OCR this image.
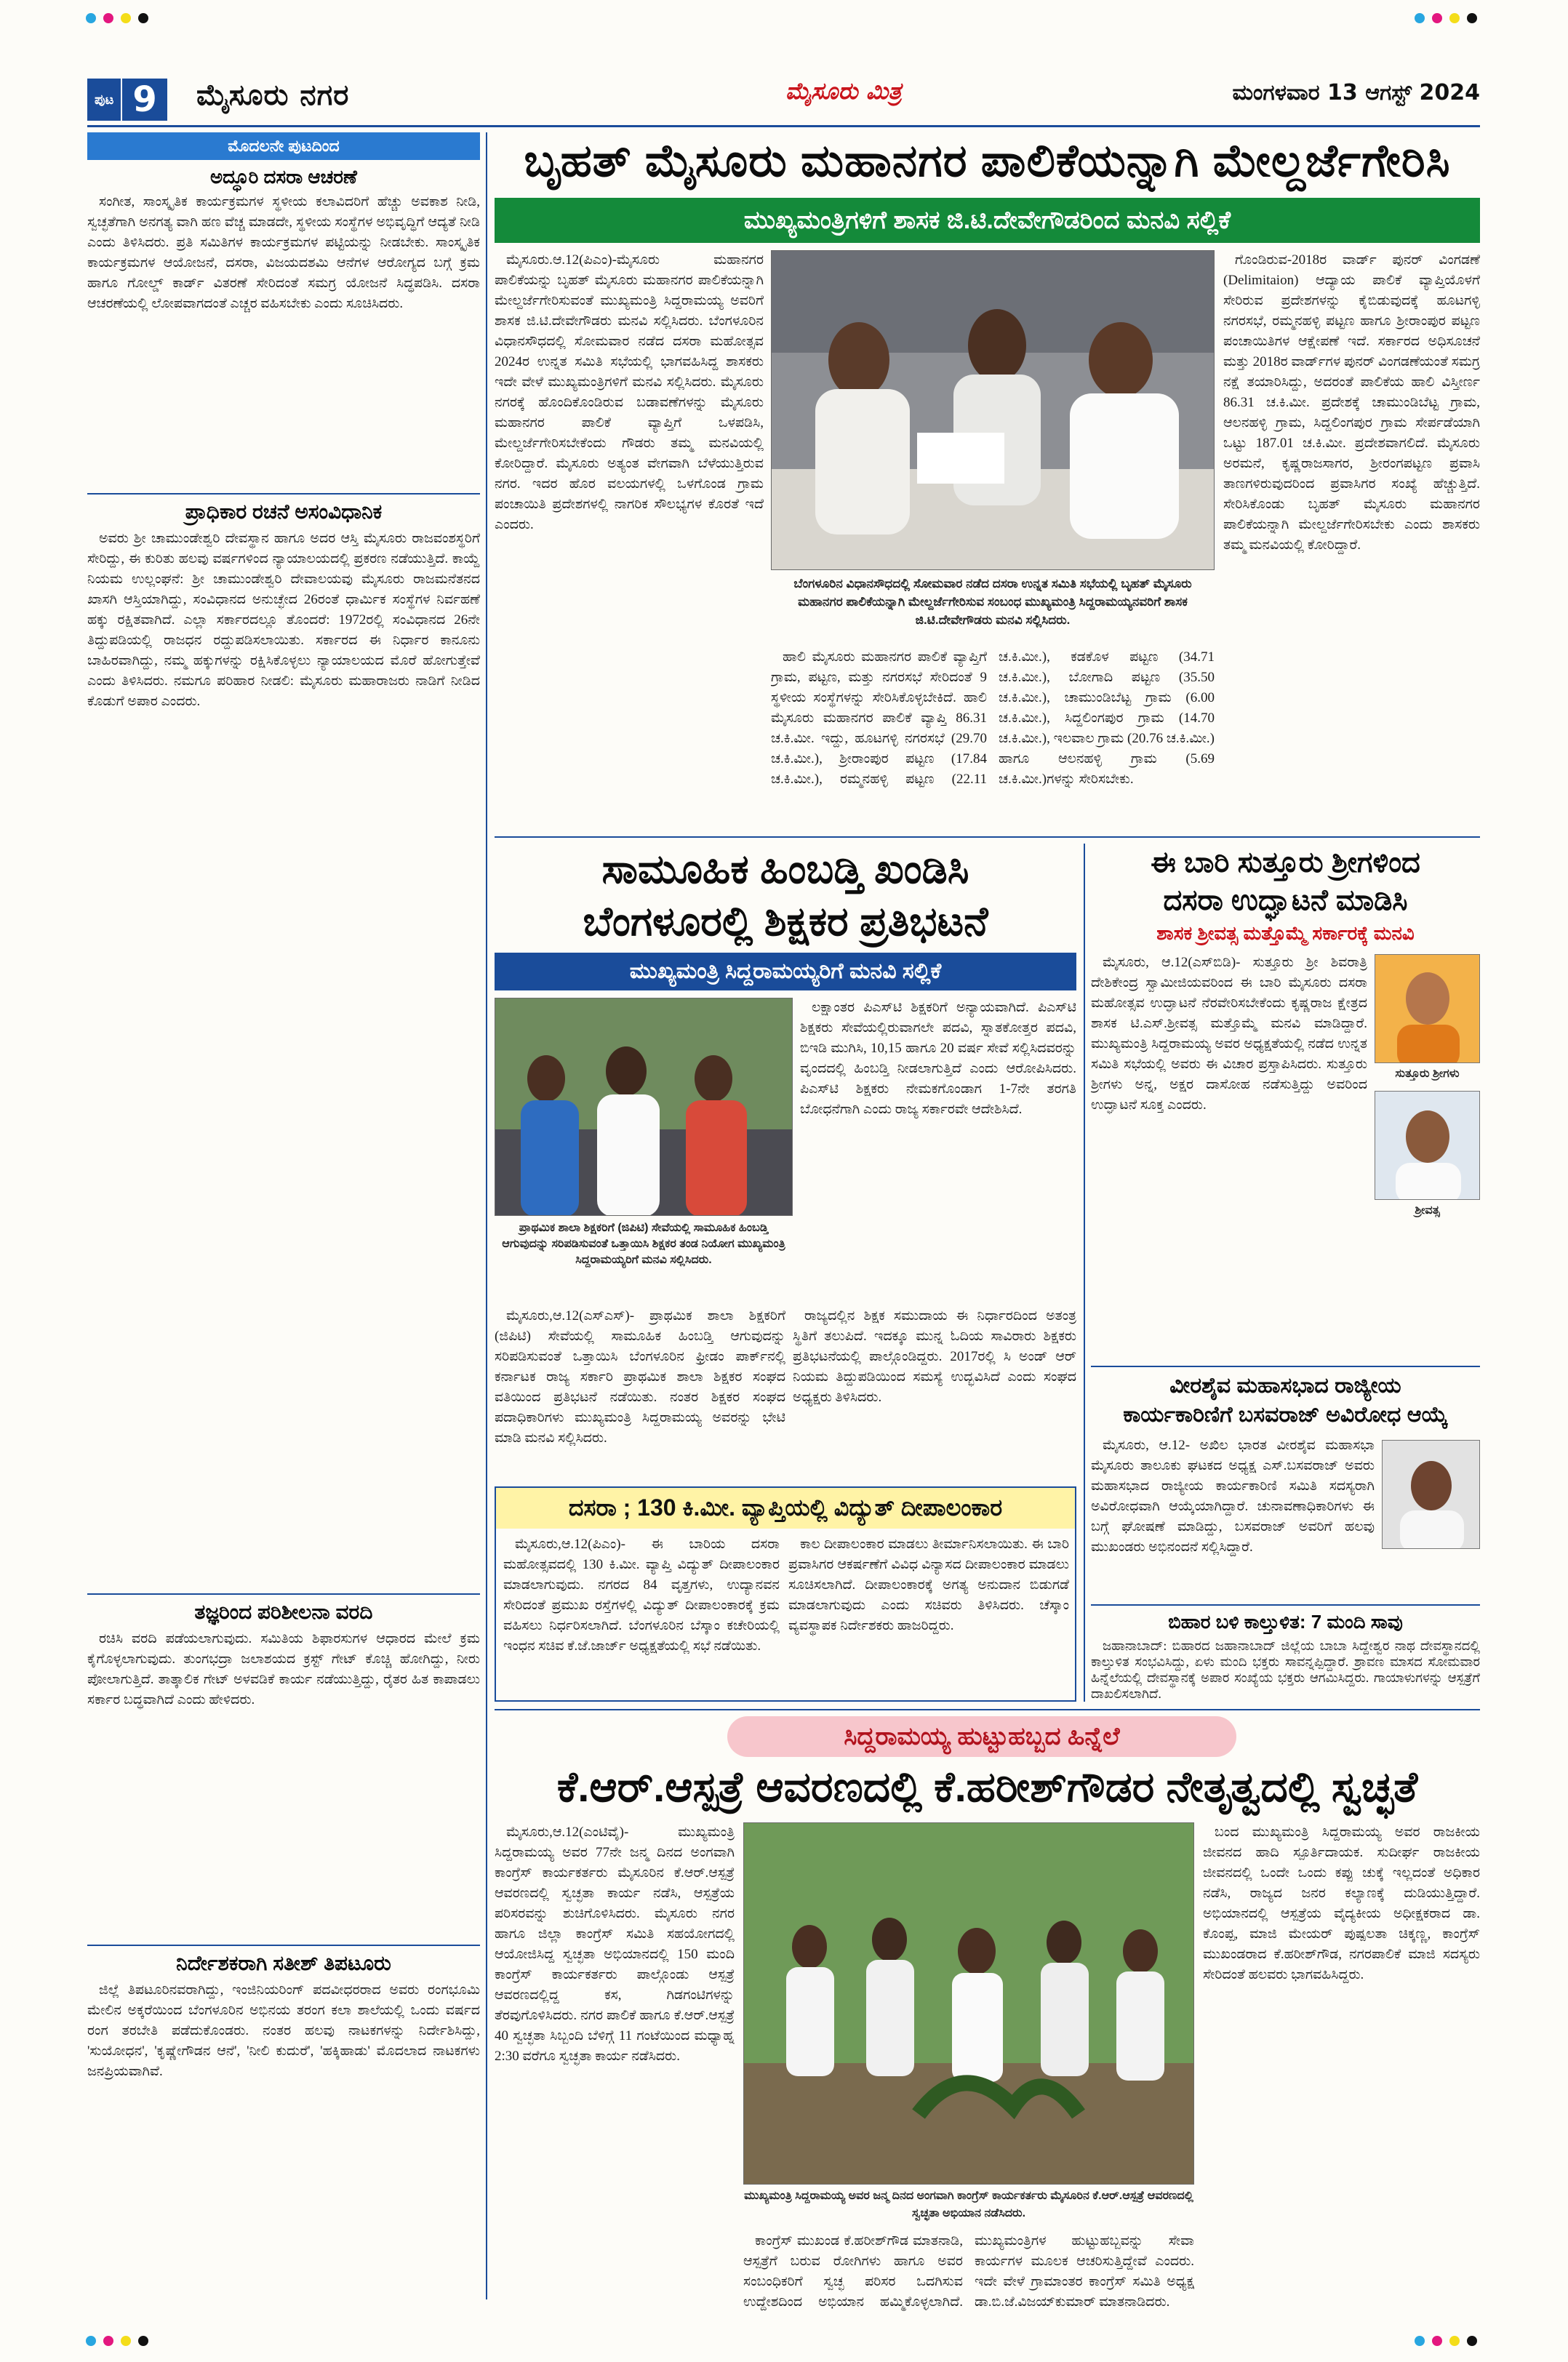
ಪುಟ 9	ಮೈಸೂರು ನಗರ	ಮೈಸೂರು ಮಿತ್ರ	ಮಂಗಳವಾರ 13 ಆಗಸ್ಟ್ 2024
ಮೊದಲನೇ ಪುಟದಿಂದ
ಅದ್ಧೂರಿ ದಸರಾ ಆಚರಣೆ

ಸಂಗೀತ, ಸಾಂಸ್ಕೃತಿಕ ಕಾರ್ಯಕ್ರಮಗಳ ಸ್ಥಳೀಯ ಕಲಾವಿದರಿಗೆ ಹೆಚ್ಚು ಅವಕಾಶ ನೀಡಿ, ಸ್ವಚ್ಛತೆಗಾಗಿ ಅನಗತ್ಯ ವಾಗಿ ಹಣ ವೆಚ್ಚ ಮಾಡದೇ, ಸ್ಥಳೀಯ ಸಂಸ್ಥೆಗಳ ಅಭಿವೃದ್ಧಿಗೆ ಆದ್ಯತೆ ನೀಡಿ ಎಂದು ತಿಳಿಸಿದರು. ಪ್ರತಿ ಸಮಿತಿಗಳ ಕಾರ್ಯಕ್ರಮಗಳ ಪಟ್ಟಿಯನ್ನು ನೀಡಬೇಕು. ಸಾಂಸ್ಕೃತಿಕ ಕಾರ್ಯಕ್ರಮಗಳ ಆಯೋಜನೆ, ದಸರಾ, ವಿಜಯದಶಮಿ ಆನೆಗಳ ಆರೋಗ್ಯದ ಬಗ್ಗೆ ಕ್ರಮ ಹಾಗೂ ಗೋಲ್ಡ್ ಕಾರ್ಡ್ ವಿತರಣೆ ಸೇರಿದಂತೆ ಸಮಗ್ರ ಯೋಜನೆ ಸಿದ್ಧಪಡಿಸಿ. ದಸರಾ ಆಚರಣೆಯಲ್ಲಿ ಲೋಪವಾಗದಂತೆ ಎಚ್ಚರ ವಹಿಸಬೇಕು ಎಂದು ಸೂಚಿಸಿದರು.

ಪ್ರಾಧಿಕಾರ ರಚನೆ ಅಸಂವಿಧಾನಿಕ

ಅವರು ಶ್ರೀ ಚಾಮುಂಡೇಶ್ವರಿ ದೇವಸ್ಥಾನ ಹಾಗೂ ಅದರ ಆಸ್ತಿ ಮೈಸೂರು ರಾಜವಂಶಸ್ಥರಿಗೆ ಸೇರಿದ್ದು, ಈ ಕುರಿತು ಹಲವು ವರ್ಷಗಳಿಂದ ನ್ಯಾಯಾಲಯದಲ್ಲಿ ಪ್ರಕರಣ ನಡೆಯುತ್ತಿದೆ. ಕಾಯ್ದೆ ನಿಯಮ ಉಲ್ಲಂಘನೆ: ಶ್ರೀ ಚಾಮುಂಡೇಶ್ವರಿ ದೇವಾಲಯವು ಮೈಸೂರು ರಾಜಮನೆತನದ ಖಾಸಗಿ ಆಸ್ತಿಯಾಗಿದ್ದು, ಸಂವಿಧಾನದ ಅನುಚ್ಛೇದ 26ರಂತೆ ಧಾರ್ಮಿಕ ಸಂಸ್ಥೆಗಳ ನಿರ್ವಹಣೆ ಹಕ್ಕು ರಕ್ಷಿತವಾಗಿದೆ. ಎಲ್ಲಾ ಸರ್ಕಾರದಲ್ಲೂ ತೊಂದರೆ: 1972ರಲ್ಲಿ ಸಂವಿಧಾನದ 26ನೇ ತಿದ್ದುಪಡಿಯಲ್ಲಿ ರಾಜಧನ ರದ್ದುಪಡಿಸಲಾಯಿತು. ಸರ್ಕಾರದ ಈ ನಿರ್ಧಾರ ಕಾನೂನು ಬಾಹಿರವಾಗಿದ್ದು, ನಮ್ಮ ಹಕ್ಕುಗಳನ್ನು ರಕ್ಷಿಸಿಕೊಳ್ಳಲು ನ್ಯಾಯಾಲಯದ ಮೊರೆ ಹೋಗುತ್ತೇವೆ ಎಂದು ತಿಳಿಸಿದರು. ನಮಗೂ ಪರಿಹಾರ ನೀಡಲಿ: ಮೈಸೂರು ಮಹಾರಾಜರು ನಾಡಿಗೆ ನೀಡಿದ ಕೊಡುಗೆ ಅಪಾರ ಎಂದರು.

ತಜ್ಞರಿಂದ ಪರಿಶೀಲನಾ ವರದಿ

ರಚಿಸಿ ವರದಿ ಪಡೆಯಲಾಗುವುದು. ಸಮಿತಿಯ ಶಿಫಾರಸುಗಳ ಆಧಾರದ ಮೇಲೆ ಕ್ರಮ ಕೈಗೊಳ್ಳಲಾಗುವುದು. ತುಂಗಭದ್ರಾ ಜಲಾಶಯದ ಕ್ರಸ್ಟ್ ಗೇಟ್ ಕೊಚ್ಚಿ ಹೋಗಿದ್ದು, ನೀರು ಪೋಲಾಗುತ್ತಿದೆ. ತಾತ್ಕಾಲಿಕ ಗೇಟ್ ಅಳವಡಿಕೆ ಕಾರ್ಯ ನಡೆಯುತ್ತಿದ್ದು, ರೈತರ ಹಿತ ಕಾಪಾಡಲು ಸರ್ಕಾರ ಬದ್ಧವಾಗಿದೆ ಎಂದು ಹೇಳಿದರು.

ನಿರ್ದೇಶಕರಾಗಿ ಸತೀಶ್ ತಿಪಟೂರು

ಜಿಲ್ಲೆ ತಿಪಟೂರಿನವರಾಗಿದ್ದು, ಇಂಜಿನಿಯರಿಂಗ್ ಪದವೀಧರರಾದ ಅವರು ರಂಗಭೂಮಿ ಮೇಲಿನ ಅಕ್ಕರೆಯಿಂದ ಬೆಂಗಳೂರಿನ ಅಭಿನಯ ತರಂಗ ಕಲಾ ಶಾಲೆಯಲ್ಲಿ ಒಂದು ವರ್ಷದ ರಂಗ ತರಬೇತಿ ಪಡೆದುಕೊಂಡರು. ನಂತರ ಹಲವು ನಾಟಕಗಳನ್ನು ನಿರ್ದೇಶಿಸಿದ್ದು, 'ಸುಯೋಧನ', 'ಕೃಷ್ಣೇಗೌಡನ ಆನೆ', 'ನೀಲಿ ಕುದುರೆ', 'ಹಕ್ಕಿಹಾಡು' ಮೊದಲಾದ ನಾಟಕಗಳು ಜನಪ್ರಿಯವಾಗಿವೆ.

ಬೃಹತ್ ಮೈಸೂರು ಮಹಾನಗರ ಪಾಲಿಕೆಯನ್ನಾಗಿ ಮೇಲ್ದರ್ಜೆಗೇರಿಸಿ
ಮುಖ್ಯಮಂತ್ರಿಗಳಿಗೆ ಶಾಸಕ ಜಿ.ಟಿ.ದೇವೇಗೌಡರಿಂದ ಮನವಿ ಸಲ್ಲಿಕೆ

ಮೈಸೂರು.ಆ.12(ಪಿಎಂ)-ಮೈಸೂರು ಮಹಾನಗರ ಪಾಲಿಕೆಯನ್ನು ಬೃಹತ್ ಮೈಸೂರು ಮಹಾನಗರ ಪಾಲಿಕೆಯನ್ನಾಗಿ ಮೇಲ್ದರ್ಜೆಗೇರಿಸುವಂತೆ ಮುಖ್ಯಮಂತ್ರಿ ಸಿದ್ದರಾಮಯ್ಯ ಅವರಿಗೆ ಶಾಸಕ ಜಿ.ಟಿ.ದೇವೇಗೌಡರು ಮನವಿ ಸಲ್ಲಿಸಿದರು. ಬೆಂಗಳೂರಿನ ವಿಧಾನಸೌಧದಲ್ಲಿ ಸೋಮವಾರ ನಡೆದ ದಸರಾ ಮಹೋತ್ಸವ 2024ರ ಉನ್ನತ ಸಮಿತಿ ಸಭೆಯಲ್ಲಿ ಭಾಗವಹಿಸಿದ್ದ ಶಾಸಕರು ಇದೇ ವೇಳೆ ಮುಖ್ಯಮಂತ್ರಿಗಳಿಗೆ ಮನವಿ ಸಲ್ಲಿಸಿದರು. ಮೈಸೂರು ನಗರಕ್ಕೆ ಹೊಂದಿಕೊಂಡಿರುವ ಬಡಾವಣೆಗಳನ್ನು ಮೈಸೂರು ಮಹಾನಗರ ಪಾಲಿಕೆ ವ್ಯಾಪ್ತಿಗೆ ಒಳಪಡಿಸಿ, ಮೇಲ್ದರ್ಜೆಗೇರಿಸಬೇಕೆಂದು ಗೌಡರು ತಮ್ಮ ಮನವಿಯಲ್ಲಿ ಕೋರಿದ್ದಾರೆ. ಮೈಸೂರು ಅತ್ಯಂತ ವೇಗವಾಗಿ ಬೆಳೆಯುತ್ತಿರುವ ನಗರ. ಇದರ ಹೊರ ವಲಯಗಳಲ್ಲಿ ಒಳಗೊಂಡ ಗ್ರಾಮ ಪಂಚಾಯಿತಿ ಪ್ರದೇಶಗಳಲ್ಲಿ ನಾಗರಿಕ ಸೌಲಭ್ಯಗಳ ಕೊರತೆ ಇದೆ ಎಂದರು.

ಬೆಂಗಳೂರಿನ ವಿಧಾನಸೌಧದಲ್ಲಿ ಸೋಮವಾರ ನಡೆದ ದಸರಾ ಉನ್ನತ ಸಮಿತಿ ಸಭೆಯಲ್ಲಿ ಬೃಹತ್ ಮೈಸೂರು ಮಹಾನಗರ ಪಾಲಿಕೆಯನ್ನಾಗಿ ಮೇಲ್ದರ್ಜೆಗೇರಿಸುವ ಸಂಬಂಧ ಮುಖ್ಯಮಂತ್ರಿ ಸಿದ್ದರಾಮಯ್ಯನವರಿಗೆ ಶಾಸಕ ಜಿ.ಟಿ.ದೇವೇಗೌಡರು ಮನವಿ ಸಲ್ಲಿಸಿದರು.

ಹಾಲಿ ಮೈಸೂರು ಮಹಾನಗರ ಪಾಲಿಕೆ ವ್ಯಾಪ್ತಿಗೆ ಗ್ರಾಮ, ಪಟ್ಟಣ, ಮತ್ತು ನಗರಸಭೆ ಸೇರಿದಂತೆ 9 ಸ್ಥಳೀಯ ಸಂಸ್ಥೆಗಳನ್ನು ಸೇರಿಸಿಕೊಳ್ಳಬೇಕಿದೆ. ಹಾಲಿ ಮೈಸೂರು ಮಹಾನಗರ ಪಾಲಿಕೆ ವ್ಯಾಪ್ತಿ 86.31 ಚ.ಕಿ.ಮೀ. ಇದ್ದು, ಹೂಟಗಳ್ಳಿ ನಗರಸಭೆ (29.70 ಚ.ಕಿ.ಮೀ.), ಶ್ರೀರಾಂಪುರ ಪಟ್ಟಣ (17.84 ಚ.ಕಿ.ಮೀ.), ರಮ್ಮನಹಳ್ಳಿ ಪಟ್ಟಣ (22.11 ಚ.ಕಿ.ಮೀ.), ಕಡಕೊಳ ಪಟ್ಟಣ (34.71 ಚ.ಕಿ.ಮೀ.), ಬೋಗಾದಿ ಪಟ್ಟಣ (35.50 ಚ.ಕಿ.ಮೀ.), ಚಾಮುಂಡಿಬೆಟ್ಟ ಗ್ರಾಮ (6.00 ಚ.ಕಿ.ಮೀ.), ಸಿದ್ದಲಿಂಗಪುರ ಗ್ರಾಮ (14.70 ಚ.ಕಿ.ಮೀ.), ಇಲವಾಲ ಗ್ರಾಮ (20.76 ಚ.ಕಿ.ಮೀ.) ಹಾಗೂ ಆಲನಹಳ್ಳಿ ಗ್ರಾಮ (5.69 ಚ.ಕಿ.ಮೀ.)ಗಳನ್ನು ಸೇರಿಸಬೇಕು.

ಗೊಂಡಿರುವ-2018ರ ವಾರ್ಡ್ ಪುನರ್ ವಿಂಗಡಣೆ (Delimitaion) ಆದ್ಯಾಯ ಪಾಲಿಕೆ ವ್ಯಾಪ್ತಿಯೊಳಗೆ ಸೇರಿರುವ ಪ್ರದೇಶಗಳನ್ನು ಕೈಬಿಡುವುದಕ್ಕೆ ಹೂಟಗಳ್ಳಿ ನಗರಸಭೆ, ರಮ್ಮನಹಳ್ಳಿ ಪಟ್ಟಣ ಹಾಗೂ ಶ್ರೀರಾಂಪುರ ಪಟ್ಟಣ ಪಂಚಾಯಿತಿಗಳ ಆಕ್ಷೇಪಣೆ ಇದೆ. ಸರ್ಕಾರದ ಅಧಿಸೂಚನೆ ಮತ್ತು 2018ರ ವಾರ್ಡ್‌ಗಳ ಪುನರ್ ವಿಂಗಡಣೆಯಂತೆ ಸಮಗ್ರ ನಕ್ಷೆ ತಯಾರಿಸಿದ್ದು, ಅದರಂತೆ ಪಾಲಿಕೆಯ ಹಾಲಿ ವಿಸ್ತೀರ್ಣ 86.31 ಚ.ಕಿ.ಮೀ. ಪ್ರದೇಶಕ್ಕೆ ಚಾಮುಂಡಿಬೆಟ್ಟ ಗ್ರಾಮ, ಆಲನಹಳ್ಳಿ ಗ್ರಾಮ, ಸಿದ್ದಲಿಂಗಪುರ ಗ್ರಾಮ ಸೇರ್ಪಡೆಯಾಗಿ ಒಟ್ಟು 187.01 ಚ.ಕಿ.ಮೀ. ಪ್ರದೇಶವಾಗಲಿದೆ. ಮೈಸೂರು ಅರಮನೆ, ಕೃಷ್ಣರಾಜಸಾಗರ, ಶ್ರೀರಂಗಪಟ್ಟಣ ಪ್ರವಾಸಿ ತಾಣಗಳಿರುವುದರಿಂದ ಪ್ರವಾಸಿಗರ ಸಂಖ್ಯೆ ಹೆಚ್ಚುತ್ತಿದೆ. ಸೇರಿಸಿಕೊಂಡು ಬೃಹತ್ ಮೈಸೂರು ಮಹಾನಗರ ಪಾಲಿಕೆಯನ್ನಾಗಿ ಮೇಲ್ದರ್ಜೆಗೇರಿಸಬೇಕು ಎಂದು ಶಾಸಕರು ತಮ್ಮ ಮನವಿಯಲ್ಲಿ ಕೋರಿದ್ದಾರೆ.

ಸಾಮೂಹಿಕ ಹಿಂಬಡ್ತಿ ಖಂಡಿಸಿ
ಬೆಂಗಳೂರಲ್ಲಿ ಶಿಕ್ಷಕರ ಪ್ರತಿಭಟನೆ
ಮುಖ್ಯಮಂತ್ರಿ ಸಿದ್ದರಾಮಯ್ಯರಿಗೆ ಮನವಿ ಸಲ್ಲಿಕೆ
ಪ್ರಾಥಮಿಕ ಶಾಲಾ ಶಿಕ್ಷಕರಿಗೆ (ಜಿಪಿಟಿ) ಸೇವೆಯಲ್ಲಿ ಸಾಮೂಹಿಕ ಹಿಂಬಡ್ತಿ ಆಗುವುದನ್ನು ಸರಿಪಡಿಸುವಂತೆ ಒತ್ತಾಯಿಸಿ ಶಿಕ್ಷಕರ ತಂಡ ನಿಯೋಗ ಮುಖ್ಯಮಂತ್ರಿ ಸಿದ್ದರಾಮಯ್ಯರಿಗೆ ಮನವಿ ಸಲ್ಲಿಸಿದರು.

ಲಕ್ಷಾಂತರ ಪಿಎಸ್‌ಟಿ ಶಿಕ್ಷಕರಿಗೆ ಅನ್ಯಾಯವಾಗಿದೆ. ಪಿಎಸ್‌ಟಿ ಶಿಕ್ಷಕರು ಸೇವೆಯಲ್ಲಿರುವಾಗಲೇ ಪದವಿ, ಸ್ನಾತಕೋತ್ತರ ಪದವಿ, ಬಿಇಡಿ ಮುಗಿಸಿ, 10,15 ಹಾಗೂ 20 ವರ್ಷ ಸೇವೆ ಸಲ್ಲಿಸಿದವರನ್ನು ವೃಂದದಲ್ಲಿ ಹಿಂಬಡ್ತಿ ನೀಡಲಾಗುತ್ತಿದೆ ಎಂದು ಆರೋಪಿಸಿದರು. ಪಿಎಸ್‌ಟಿ ಶಿಕ್ಷಕರು ನೇಮಕಗೊಂಡಾಗ 1-7ನೇ ತರಗತಿ ಬೋಧನೆಗಾಗಿ ಎಂದು ರಾಜ್ಯ ಸರ್ಕಾರವೇ ಆದೇಶಿಸಿದೆ.

ಮೈಸೂರು,ಆ.12(ಎಸ್‌ಎಸ್)- ಪ್ರಾಥಮಿಕ ಶಾಲಾ ಶಿಕ್ಷಕರಿಗೆ (ಜಿಪಿಟಿ) ಸೇವೆಯಲ್ಲಿ ಸಾಮೂಹಿಕ ಹಿಂಬಡ್ತಿ ಆಗುವುದನ್ನು ಸರಿಪಡಿಸುವಂತೆ ಒತ್ತಾಯಿಸಿ ಬೆಂಗಳೂರಿನ ಫ್ರೀಡಂ ಪಾರ್ಕ್‌ನಲ್ಲಿ ಕರ್ನಾಟಕ ರಾಜ್ಯ ಸರ್ಕಾರಿ ಪ್ರಾಥಮಿಕ ಶಾಲಾ ಶಿಕ್ಷಕರ ಸಂಘದ ವತಿಯಿಂದ ಪ್ರತಿಭಟನೆ ನಡೆಯಿತು. ನಂತರ ಶಿಕ್ಷಕರ ಸಂಘದ ಪದಾಧಿಕಾರಿಗಳು ಮುಖ್ಯಮಂತ್ರಿ ಸಿದ್ದರಾಮಯ್ಯ ಅವರನ್ನು ಭೇಟಿ ಮಾಡಿ ಮನವಿ ಸಲ್ಲಿಸಿದರು.

ರಾಜ್ಯದಲ್ಲಿನ ಶಿಕ್ಷಕ ಸಮುದಾಯ ಈ ನಿರ್ಧಾರದಿಂದ ಅತಂತ್ರ ಸ್ಥಿತಿಗೆ ತಲುಪಿದೆ. ಇದಕ್ಕೂ ಮುನ್ನ ಓದಿಯ ಸಾವಿರಾರು ಶಿಕ್ಷಕರು ಪ್ರತಿಭಟನೆಯಲ್ಲಿ ಪಾಲ್ಗೊಂಡಿದ್ದರು. 2017ರಲ್ಲಿ ಸಿ ಅಂಡ್ ಆರ್ ನಿಯಮ ತಿದ್ದುಪಡಿಯಿಂದ ಸಮಸ್ಯೆ ಉದ್ಭವಿಸಿದೆ ಎಂದು ಸಂಘದ ಅಧ್ಯಕ್ಷರು ತಿಳಿಸಿದರು.

ಈ ಬಾರಿ ಸುತ್ತೂರು ಶ್ರೀಗಳಿಂದ
ದಸರಾ ಉದ್ಘಾಟನೆ ಮಾಡಿಸಿ
ಶಾಸಕ ಶ್ರೀವತ್ಸ ಮತ್ತೊಮ್ಮೆ ಸರ್ಕಾರಕ್ಕೆ ಮನವಿ

ಮೈಸೂರು, ಆ.12(ಎಸ್‌ಬಿಡಿ)- ಸುತ್ತೂರು ಶ್ರೀ ಶಿವರಾತ್ರಿ ದೇಶಿಕೇಂದ್ರ ಸ್ವಾಮೀಜಿಯವರಿಂದ ಈ ಬಾರಿ ಮೈಸೂರು ದಸರಾ ಮಹೋತ್ಸವ ಉದ್ಘಾಟನೆ ನೆರವೇರಿಸಬೇಕೆಂದು ಕೃಷ್ಣರಾಜ ಕ್ಷೇತ್ರದ ಶಾಸಕ ಟಿ.ಎಸ್.ಶ್ರೀವತ್ಸ ಮತ್ತೊಮ್ಮೆ ಮನವಿ ಮಾಡಿದ್ದಾರೆ. ಮುಖ್ಯಮಂತ್ರಿ ಸಿದ್ದರಾಮಯ್ಯ ಅವರ ಅಧ್ಯಕ್ಷತೆಯಲ್ಲಿ ನಡೆದ ಉನ್ನತ ಸಮಿತಿ ಸಭೆಯಲ್ಲಿ ಅವರು ಈ ವಿಚಾರ ಪ್ರಸ್ತಾಪಿಸಿದರು. ಸುತ್ತೂರು ಶ್ರೀಗಳು ಅನ್ನ, ಅಕ್ಷರ ದಾಸೋಹ ನಡೆಸುತ್ತಿದ್ದು ಅವರಿಂದ ಉದ್ಘಾಟನೆ ಸೂಕ್ತ ಎಂದರು.

ಸುತ್ತೂರು ಶ್ರೀಗಳು
ಶ್ರೀವತ್ಸ
ವೀರಶೈವ ಮಹಾಸಭಾದ ರಾಜ್ಯೀಯ
ಕಾರ್ಯಕಾರಿಣಿಗೆ ಬಸವರಾಜ್ ಅವಿರೋಧ ಆಯ್ಕೆ

ಮೈಸೂರು, ಆ.12- ಅಖಿಲ ಭಾರತ ವೀರಶೈವ ಮಹಾಸಭಾ ಮೈಸೂರು ತಾಲೂಕು ಘಟಕದ ಅಧ್ಯಕ್ಷ ಎಸ್.ಬಸವರಾಜ್ ಅವರು ಮಹಾಸಭಾದ ರಾಜ್ಯೀಯ ಕಾರ್ಯಕಾರಿಣಿ ಸಮಿತಿ ಸದಸ್ಯರಾಗಿ ಅವಿರೋಧವಾಗಿ ಆಯ್ಕೆಯಾಗಿದ್ದಾರೆ. ಚುನಾವಣಾಧಿಕಾರಿಗಳು ಈ ಬಗ್ಗೆ ಘೋಷಣೆ ಮಾಡಿದ್ದು, ಬಸವರಾಜ್ ಅವರಿಗೆ ಹಲವು ಮುಖಂಡರು ಅಭಿನಂದನೆ ಸಲ್ಲಿಸಿದ್ದಾರೆ.

ಬಿಹಾರ ಬಳಿ ಕಾಲ್ತುಳಿತ: 7 ಮಂದಿ ಸಾವು

ಜಹಾನಾಬಾದ್: ಬಿಹಾರದ ಜಹಾನಾಬಾದ್ ಜಿಲ್ಲೆಯ ಬಾಬಾ ಸಿದ್ದೇಶ್ವರ ನಾಥ ದೇವಸ್ಥಾನದಲ್ಲಿ ಕಾಲ್ತುಳಿತ ಸಂಭವಿಸಿದ್ದು, ಏಳು ಮಂದಿ ಭಕ್ತರು ಸಾವನ್ನಪ್ಪಿದ್ದಾರೆ. ಶ್ರಾವಣ ಮಾಸದ ಸೋಮವಾರ ಹಿನ್ನೆಲೆಯಲ್ಲಿ ದೇವಸ್ಥಾನಕ್ಕೆ ಅಪಾರ ಸಂಖ್ಯೆಯ ಭಕ್ತರು ಆಗಮಿಸಿದ್ದರು. ಗಾಯಾಳುಗಳನ್ನು ಆಸ್ಪತ್ರೆಗೆ ದಾಖಲಿಸಲಾಗಿದೆ.

ದಸರಾ ; 130 ಕಿ.ಮೀ. ವ್ಯಾಪ್ತಿಯಲ್ಲಿ ವಿದ್ಯುತ್ ದೀಪಾಲಂಕಾರ

ಮೈಸೂರು,ಆ.12(ಪಿಎಂ)- ಈ ಬಾರಿಯ ದಸರಾ ಮಹೋತ್ಸವದಲ್ಲಿ 130 ಕಿ.ಮೀ. ವ್ಯಾಪ್ತಿ ವಿದ್ಯುತ್ ದೀಪಾಲಂಕಾರ ಮಾಡಲಾಗುವುದು. ನಗರದ 84 ವೃತ್ತಗಳು, ಉದ್ಯಾನವನ ಸೇರಿದಂತೆ ಪ್ರಮುಖ ರಸ್ತೆಗಳಲ್ಲಿ ವಿದ್ಯುತ್ ದೀಪಾಲಂಕಾರಕ್ಕೆ ಕ್ರಮ ವಹಿಸಲು ನಿರ್ಧರಿಸಲಾಗಿದೆ. ಬೆಂಗಳೂರಿನ ಬೆಸ್ಕಾಂ ಕಚೇರಿಯಲ್ಲಿ ಇಂಧನ ಸಚಿವ ಕೆ.ಜೆ.ಜಾರ್ಜ್ ಅಧ್ಯಕ್ಷತೆಯಲ್ಲಿ ಸಭೆ ನಡೆಯಿತು.

ಕಾಲ ದೀಪಾಲಂಕಾರ ಮಾಡಲು ತೀರ್ಮಾನಿಸಲಾಯಿತು. ಈ ಬಾರಿ ಪ್ರವಾಸಿಗರ ಆಕರ್ಷಣೆಗೆ ವಿವಿಧ ವಿನ್ಯಾಸದ ದೀಪಾಲಂಕಾರ ಮಾಡಲು ಸೂಚಿಸಲಾಗಿದೆ. ದೀಪಾಲಂಕಾರಕ್ಕೆ ಅಗತ್ಯ ಅನುದಾನ ಬಿಡುಗಡೆ ಮಾಡಲಾಗುವುದು ಎಂದು ಸಚಿವರು ತಿಳಿಸಿದರು. ಚೆಸ್ಕಾಂ ವ್ಯವಸ್ಥಾಪಕ ನಿರ್ದೇಶಕರು ಹಾಜರಿದ್ದರು.

ಸಿದ್ದರಾಮಯ್ಯ ಹುಟ್ಟುಹಬ್ಬದ ಹಿನ್ನೆಲೆ
ಕೆ.ಆರ್.ಆಸ್ಪತ್ರೆ ಆವರಣದಲ್ಲಿ ಕೆ.ಹರೀಶ್‌ಗೌಡರ ನೇತೃತ್ವದಲ್ಲಿ ಸ್ವಚ್ಛತೆ

ಮೈಸೂರು,ಆ.12(ಎಂಟಿವೈ)- ಮುಖ್ಯಮಂತ್ರಿ ಸಿದ್ದರಾಮಯ್ಯ ಅವರ 77ನೇ ಜನ್ಮ ದಿನದ ಅಂಗವಾಗಿ ಕಾಂಗ್ರೆಸ್ ಕಾರ್ಯಕರ್ತರು ಮೈಸೂರಿನ ಕೆ.ಆರ್.ಆಸ್ಪತ್ರೆ ಆವರಣದಲ್ಲಿ ಸ್ವಚ್ಛತಾ ಕಾರ್ಯ ನಡೆಸಿ, ಆಸ್ಪತ್ರೆಯ ಪರಿಸರವನ್ನು ಶುಚಿಗೊಳಿಸಿದರು. ಮೈಸೂರು ನಗರ ಹಾಗೂ ಜಿಲ್ಲಾ ಕಾಂಗ್ರೆಸ್ ಸಮಿತಿ ಸಹಯೋಗದಲ್ಲಿ ಆಯೋಜಿಸಿದ್ದ ಸ್ವಚ್ಛತಾ ಅಭಿಯಾನದಲ್ಲಿ 150 ಮಂದಿ ಕಾಂಗ್ರೆಸ್ ಕಾರ್ಯಕರ್ತರು ಪಾಲ್ಗೊಂಡು ಆಸ್ಪತ್ರೆ ಆವರಣದಲ್ಲಿದ್ದ ಕಸ, ಗಿಡಗಂಟಿಗಳನ್ನು ತೆರವುಗೊಳಿಸಿದರು. ನಗರ ಪಾಲಿಕೆ ಹಾಗೂ ಕೆ.ಆರ್.ಆಸ್ಪತ್ರೆ 40 ಸ್ವಚ್ಛತಾ ಸಿಬ್ಬಂದಿ ಬೆಳಿಗ್ಗೆ 11 ಗಂಟೆಯಿಂದ ಮಧ್ಯಾಹ್ನ 2:30 ವರೆಗೂ ಸ್ವಚ್ಛತಾ ಕಾರ್ಯ ನಡೆಸಿದರು.

ಮುಖ್ಯಮಂತ್ರಿ ಸಿದ್ದರಾಮಯ್ಯ ಅವರ ಜನ್ಮ ದಿನದ ಅಂಗವಾಗಿ ಕಾಂಗ್ರೆಸ್ ಕಾರ್ಯಕರ್ತರು ಮೈಸೂರಿನ ಕೆ.ಆರ್.ಆಸ್ಪತ್ರೆ ಆವರಣದಲ್ಲಿ ಸ್ವಚ್ಛತಾ ಅಭಿಯಾನ ನಡೆಸಿದರು.

ಬಂದ ಮುಖ್ಯಮಂತ್ರಿ ಸಿದ್ದರಾಮಯ್ಯ ಅವರ ರಾಜಕೀಯ ಜೀವನದ ಹಾದಿ ಸ್ಪೂರ್ತಿದಾಯಕ. ಸುದೀರ್ಘ ರಾಜಕೀಯ ಜೀವನದಲ್ಲಿ ಒಂದೇ ಒಂದು ಕಪ್ಪು ಚುಕ್ಕೆ ಇಲ್ಲದಂತೆ ಅಧಿಕಾರ ನಡೆಸಿ, ರಾಜ್ಯದ ಜನರ ಕಲ್ಯಾಣಕ್ಕೆ ದುಡಿಯುತ್ತಿದ್ದಾರೆ. ಅಭಿಯಾನದಲ್ಲಿ ಆಸ್ಪತ್ರೆಯ ವೈದ್ಯಕೀಯ ಅಧೀಕ್ಷಕರಾದ ಡಾ. ಕೊಂಪ್ಪ, ಮಾಜಿ ಮೇಯರ್ ಪುಷ್ಪಲತಾ ಚಿಕ್ಕಣ್ಣ, ಕಾಂಗ್ರೆಸ್ ಮುಖಂಡರಾದ ಕೆ.ಹರೀಶ್‌ಗೌಡ, ನಗರಪಾಲಿಕೆ ಮಾಜಿ ಸದಸ್ಯರು ಸೇರಿದಂತೆ ಹಲವರು ಭಾಗವಹಿಸಿದ್ದರು.

ಕಾಂಗ್ರೆಸ್ ಮುಖಂಡ ಕೆ.ಹರೀಶ್‌ಗೌಡ ಮಾತನಾಡಿ, ಆಸ್ಪತ್ರೆಗೆ ಬರುವ ರೋಗಿಗಳು ಹಾಗೂ ಅವರ ಸಂಬಂಧಿಕರಿಗೆ ಸ್ವಚ್ಛ ಪರಿಸರ ಒದಗಿಸುವ ಉದ್ದೇಶದಿಂದ ಅಭಿಯಾನ ಹಮ್ಮಿಕೊಳ್ಳಲಾಗಿದೆ. ಮುಖ್ಯಮಂತ್ರಿಗಳ ಹುಟ್ಟುಹಬ್ಬವನ್ನು ಸೇವಾ ಕಾರ್ಯಗಳ ಮೂಲಕ ಆಚರಿಸುತ್ತಿದ್ದೇವೆ ಎಂದರು. ಇದೇ ವೇಳೆ ಗ್ರಾಮಾಂತರ ಕಾಂಗ್ರೆಸ್ ಸಮಿತಿ ಅಧ್ಯಕ್ಷ ಡಾ.ಬಿ.ಜೆ.ವಿಜಯ್‌ಕುಮಾರ್ ಮಾತನಾಡಿದರು.
